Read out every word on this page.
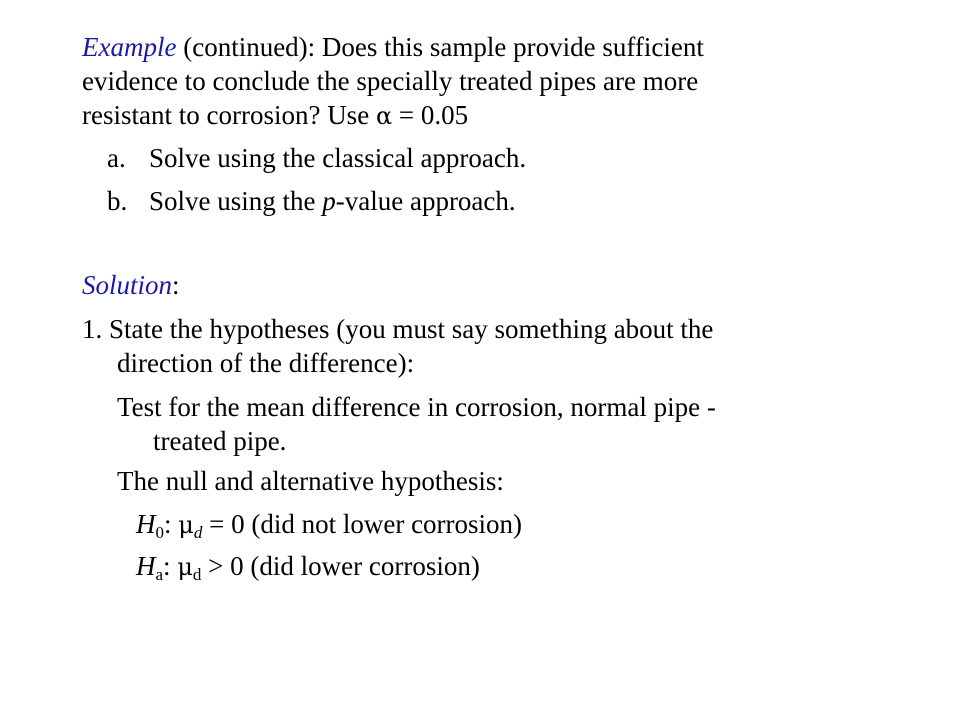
Example (continued): Does this sample provide sufficient
evidence to conclude the specially treated pipes are more
resistant to corrosion? Use α = 0.05
a. Solve using the classical approach.
b. Solve using the p-value approach.
Solution:
1. State the hypotheses (you must say something about the
direction of the difference):
Test for the mean difference in corrosion, normal pipe -
treated pipe.
The null and alternative hypothesis:
$H_0$: $\mu_d = 0$ (did not lower corrosion)
$H_a$: $\mu_d > 0$ (did lower corrosion)
